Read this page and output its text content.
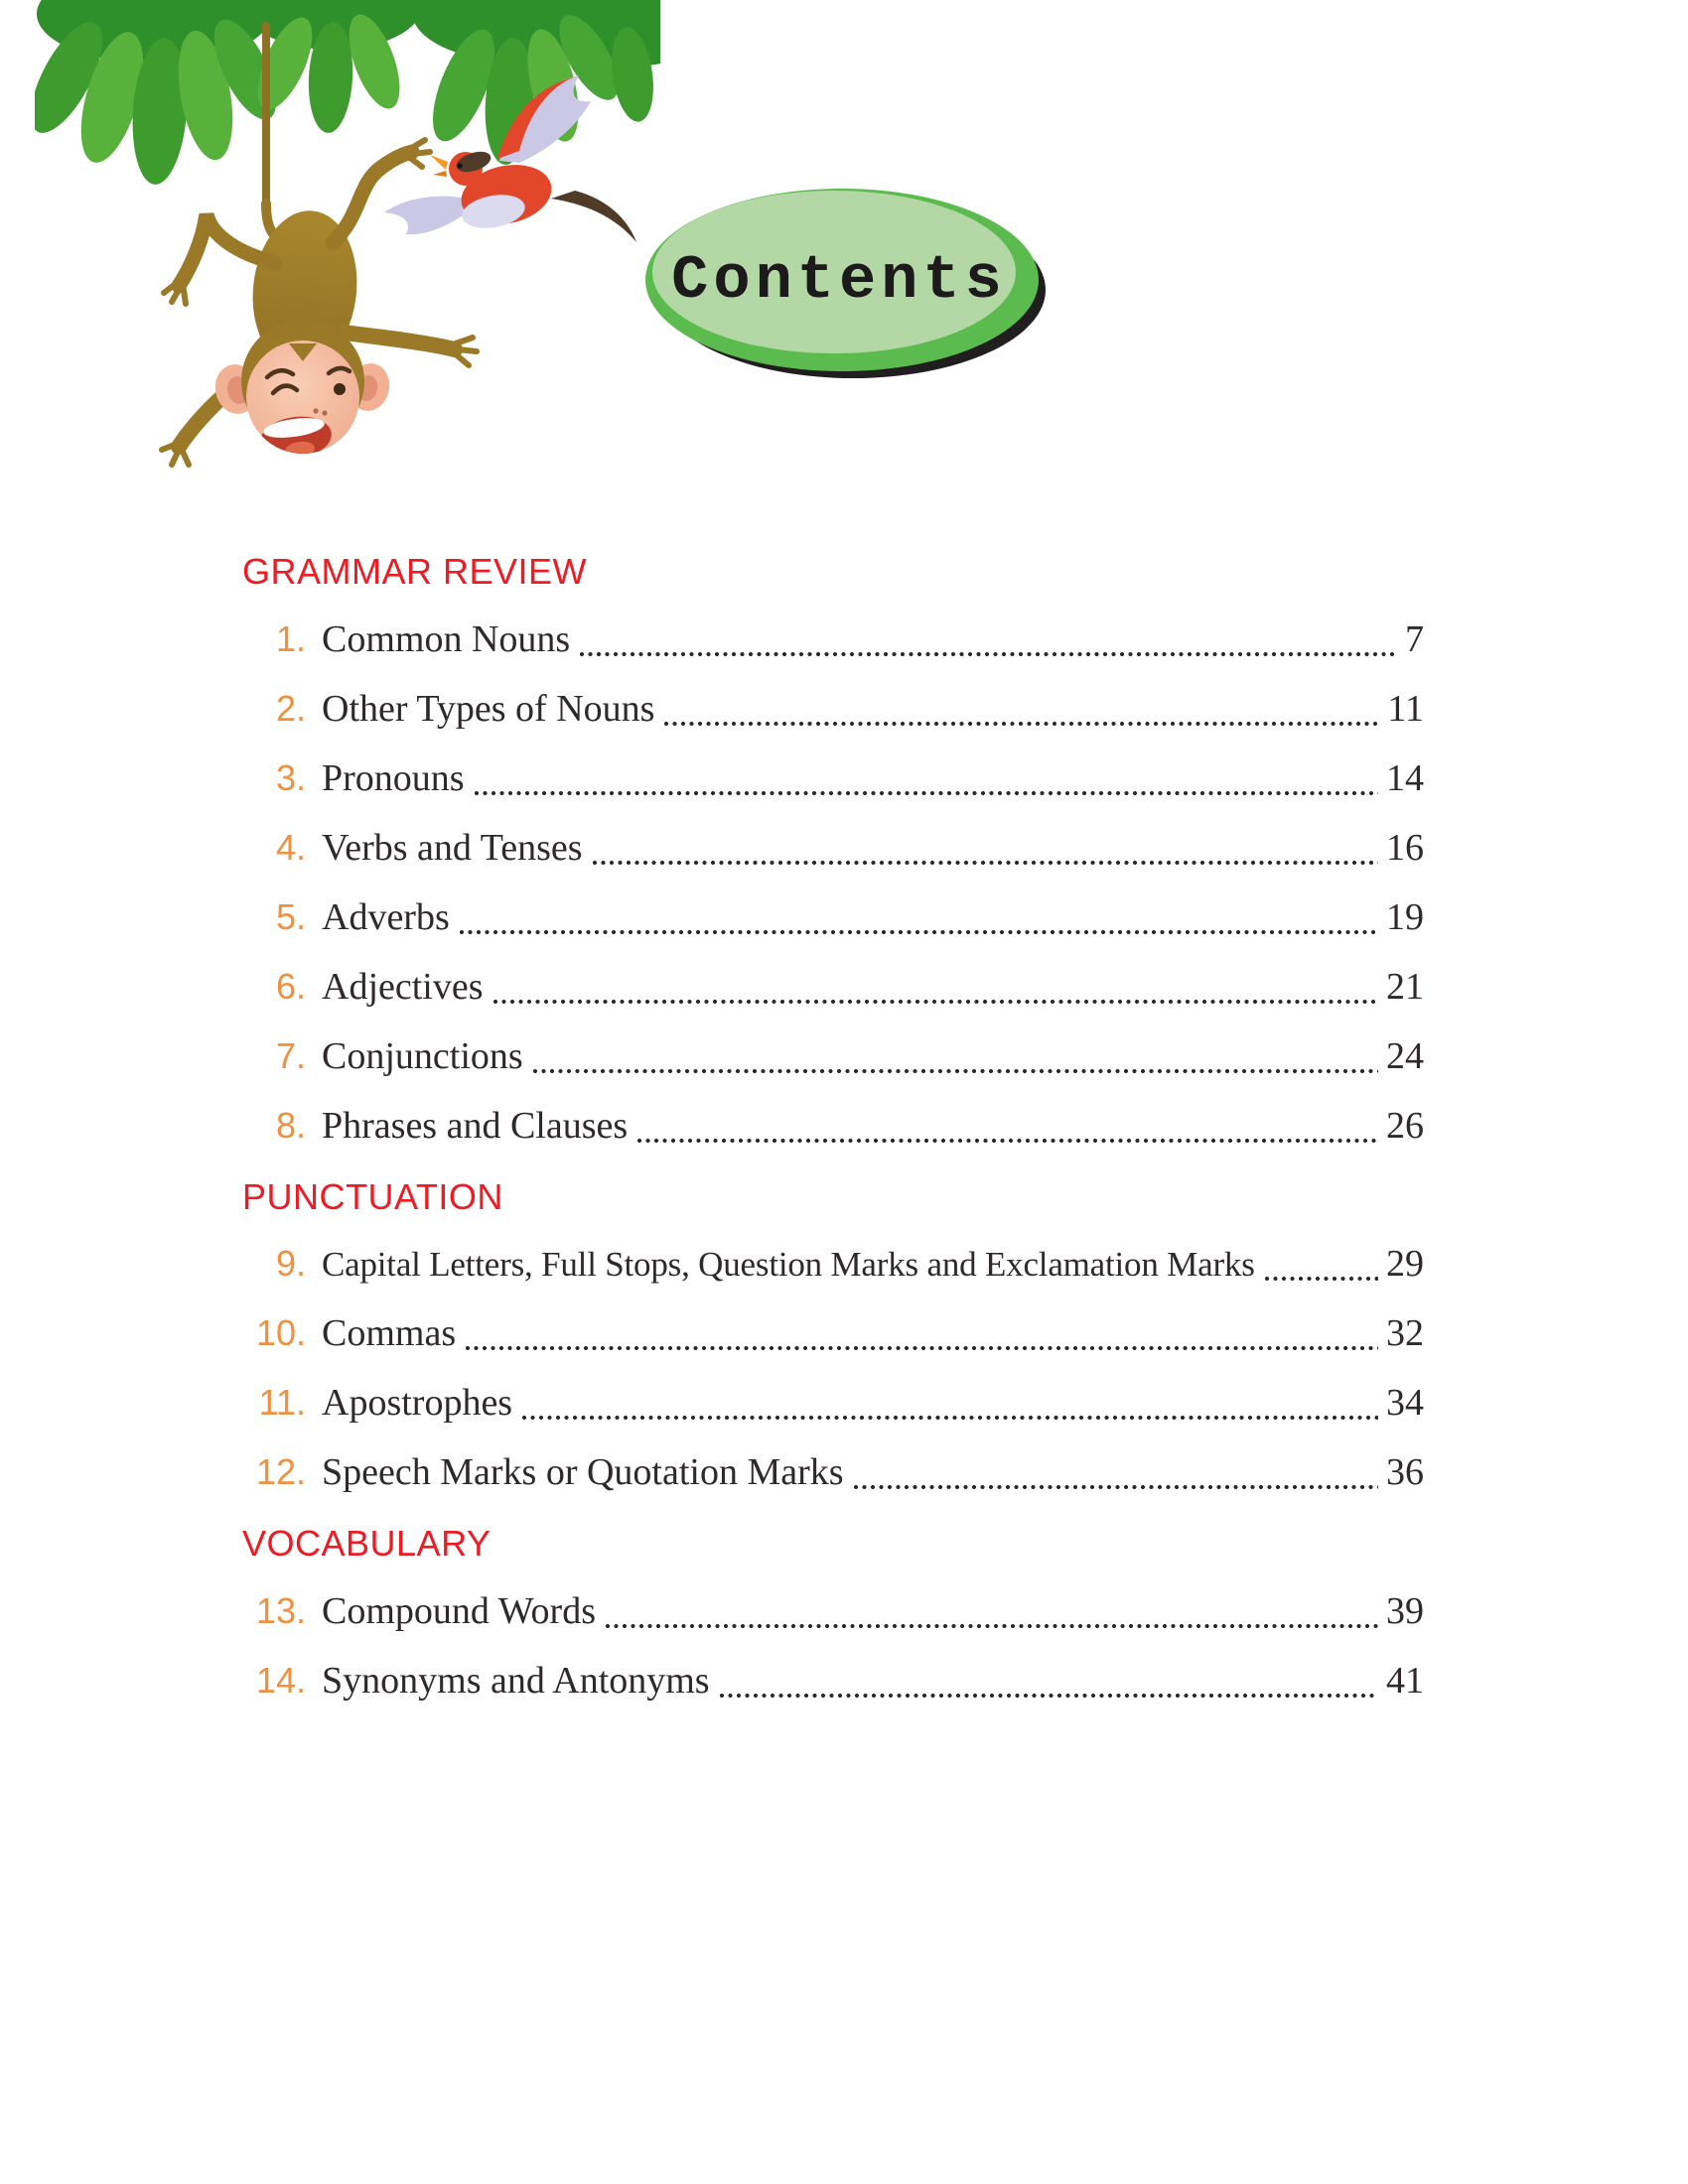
Contents
GRAMMAR REVIEW
1. Common Nouns	7
2. Other Types of Nouns	11
3. Pronouns	14
4. Verbs and Tenses	16
5. Adverbs	19
6. Adjectives	21
7. Conjunctions	24
8. Phrases and Clauses	26
PUNCTUATION
9. Capital Letters, Full Stops, Question Marks and Exclamation Marks	29
10. Commas	32
11. Apostrophes	34
12. Speech Marks or Quotation Marks	36
VOCABULARY
13. Compound Words	39
14. Synonyms and Antonyms	41
